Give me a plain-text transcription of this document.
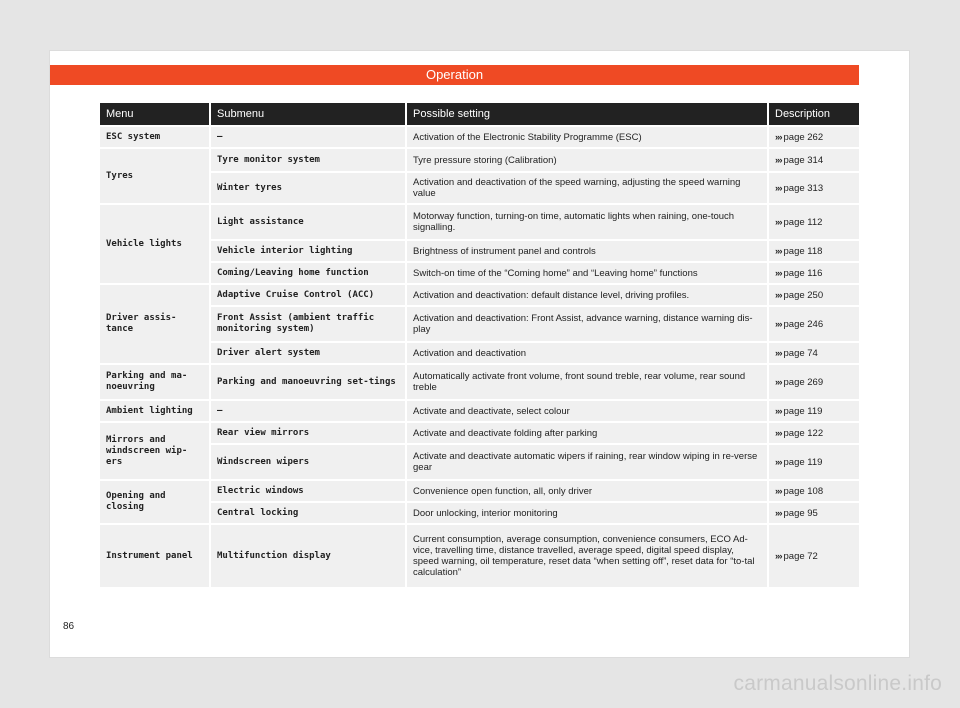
Operation
Menu	Submenu	Possible setting	Description
ESC system	–	Activation of the Electronic Stability Programme (ESC)	››› page 262
Tyres	Tyre monitor system	Tyre pressure storing (Calibration)	››› page 314
	Winter tyres	Activation and deactivation of the speed warning, adjusting the speed warning value	››› page 313
Vehicle lights	Light assistance	Motorway function, turning-on time, automatic lights when raining, one-touch signalling.	››› page 112
	Vehicle interior lighting	Brightness of instrument panel and controls	››› page 118
	Coming/Leaving home function	Switch-on time of the “Coming home” and “Leaving home” functions	››› page 116
Driver assis-tance	Adaptive Cruise Control (ACC)	Activation and deactivation: default distance level, driving profiles.	››› page 250
	Front Assist (ambient traffic monitoring system)	Activation and deactivation: Front Assist, advance warning, distance warning dis-play	››› page 246
	Driver alert system	Activation and deactivation	››› page 74
Parking and ma-noeuvring	Parking and manoeuvring set-tings	Automatically activate front volume, front sound treble, rear volume, rear sound treble	››› page 269
Ambient lighting	–	Activate and deactivate, select colour	››› page 119
Mirrors and windscreen wip-ers	Rear view mirrors	Activate and deactivate folding after parking	››› page 122
	Windscreen wipers	Activate and deactivate automatic wipers if raining, rear window wiping in re-verse gear	››› page 119
Opening and closing	Electric windows	Convenience open function, all, only driver	››› page 108
	Central locking	Door unlocking, interior monitoring	››› page 95
Instrument panel	Multifunction display	Current consumption, average consumption, convenience consumers, ECO Ad-vice, travelling time, distance travelled, average speed, digital speed display, speed warning, oil temperature, reset data “when setting off”, reset data for “to-tal calculation”	››› page 72
86
carmanualsonline.info
